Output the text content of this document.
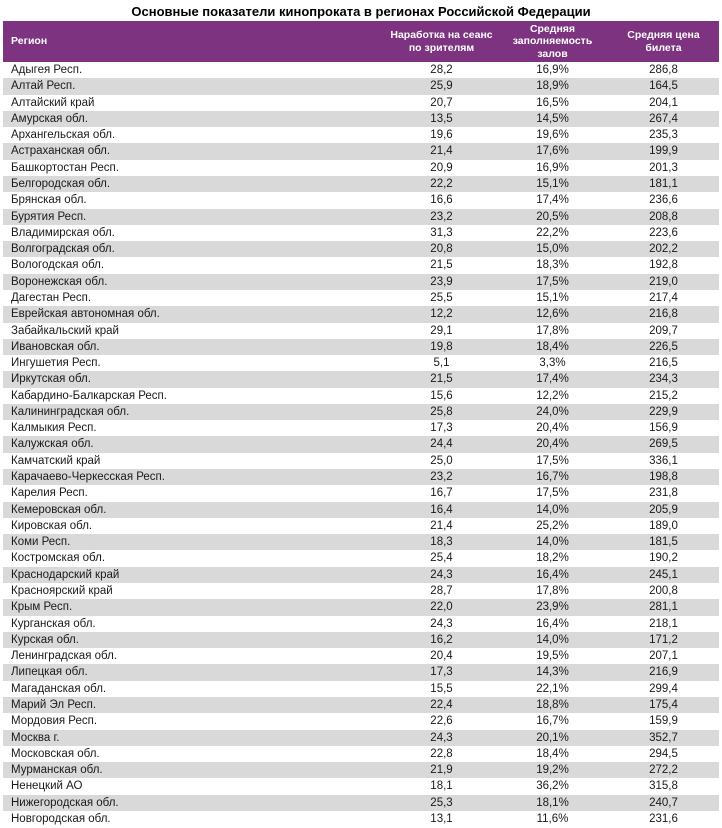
Основные показатели кинопроката в регионах Российской Федерации
Регион	Наработка на сеанс по зрителям	Средняя заполняемость залов	Средняя цена билета
Адыгея Респ.	28,2	16,9%	286,8
Алтай Респ.	25,9	18,9%	164,5
Алтайский край	20,7	16,5%	204,1
Амурская обл.	13,5	14,5%	267,4
Архангельская обл.	19,6	19,6%	235,3
Астраханская обл.	21,4	17,6%	199,9
Башкортостан Респ.	20,9	16,9%	201,3
Белгородская обл.	22,2	15,1%	181,1
Брянская обл.	16,6	17,4%	236,6
Бурятия Респ.	23,2	20,5%	208,8
Владимирская обл.	31,3	22,2%	223,6
Волгоградская обл.	20,8	15,0%	202,2
Вологодская обл.	21,5	18,3%	192,8
Воронежская обл.	23,9	17,5%	219,0
Дагестан Респ.	25,5	15,1%	217,4
Еврейская автономная обл.	12,2	12,6%	216,8
Забайкальский край	29,1	17,8%	209,7
Ивановская обл.	19,8	18,4%	226,5
Ингушетия Респ.	5,1	3,3%	216,5
Иркутская обл.	21,5	17,4%	234,3
Кабардино-Балкарская Респ.	15,6	12,2%	215,2
Калининградская обл.	25,8	24,0%	229,9
Калмыкия Респ.	17,3	20,4%	156,9
Калужская обл.	24,4	20,4%	269,5
Камчатский край	25,0	17,5%	336,1
Карачаево-Черкесская Респ.	23,2	16,7%	198,8
Карелия Респ.	16,7	17,5%	231,8
Кемеровская обл.	16,4	14,0%	205,9
Кировская обл.	21,4	25,2%	189,0
Коми Респ.	18,3	14,0%	181,5
Костромская обл.	25,4	18,2%	190,2
Краснодарский край	24,3	16,4%	245,1
Красноярский край	28,7	17,8%	200,8
Крым Респ.	22,0	23,9%	281,1
Курганская обл.	24,3	16,4%	218,1
Курская обл.	16,2	14,0%	171,2
Ленинградская обл.	20,4	19,5%	207,1
Липецкая обл.	17,3	14,3%	216,9
Магаданская обл.	15,5	22,1%	299,4
Марий Эл Респ.	22,4	18,8%	175,4
Мордовия Респ.	22,6	16,7%	159,9
Москва г.	24,3	20,1%	352,7
Московская обл.	22,8	18,4%	294,5
Мурманская обл.	21,9	19,2%	272,2
Ненецкий АО	18,1	36,2%	315,8
Нижегородская обл.	25,3	18,1%	240,7
Новгородская обл.	13,1	11,6%	231,6
